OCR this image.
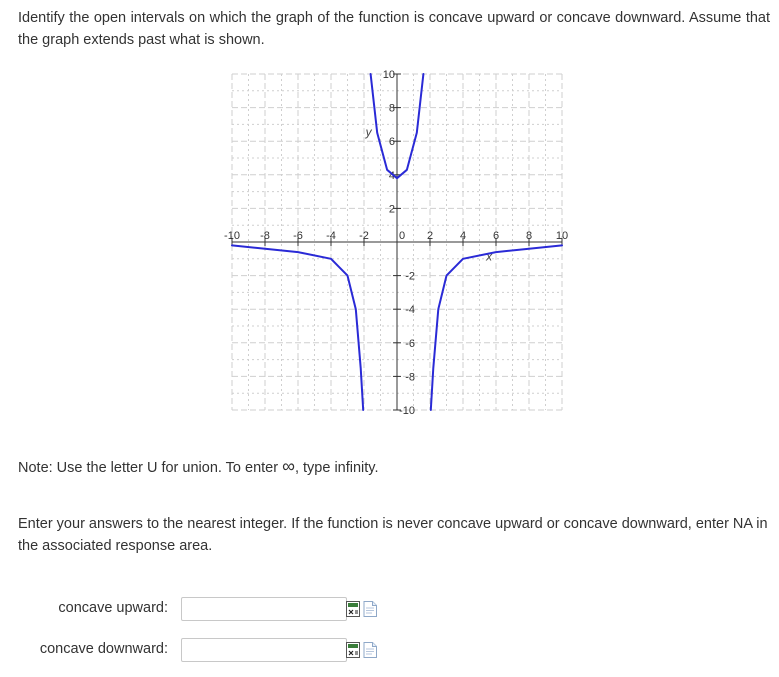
Identify the open intervals on which the graph of the function is concave upward or concave downward. Assume that the graph extends past what is shown.
-10 -8 -6 -4 -2	0 2 4 6 8 10
10
8
6
4
2
-2
-4
-6
-8
-10
y
x
Note: Use the letter U for union. To enter ∞, type infinity.
Enter your answers to the nearest integer. If the function is never concave upward or concave downward, enter NA in the associated response area.
concave upward:
concave downward:
